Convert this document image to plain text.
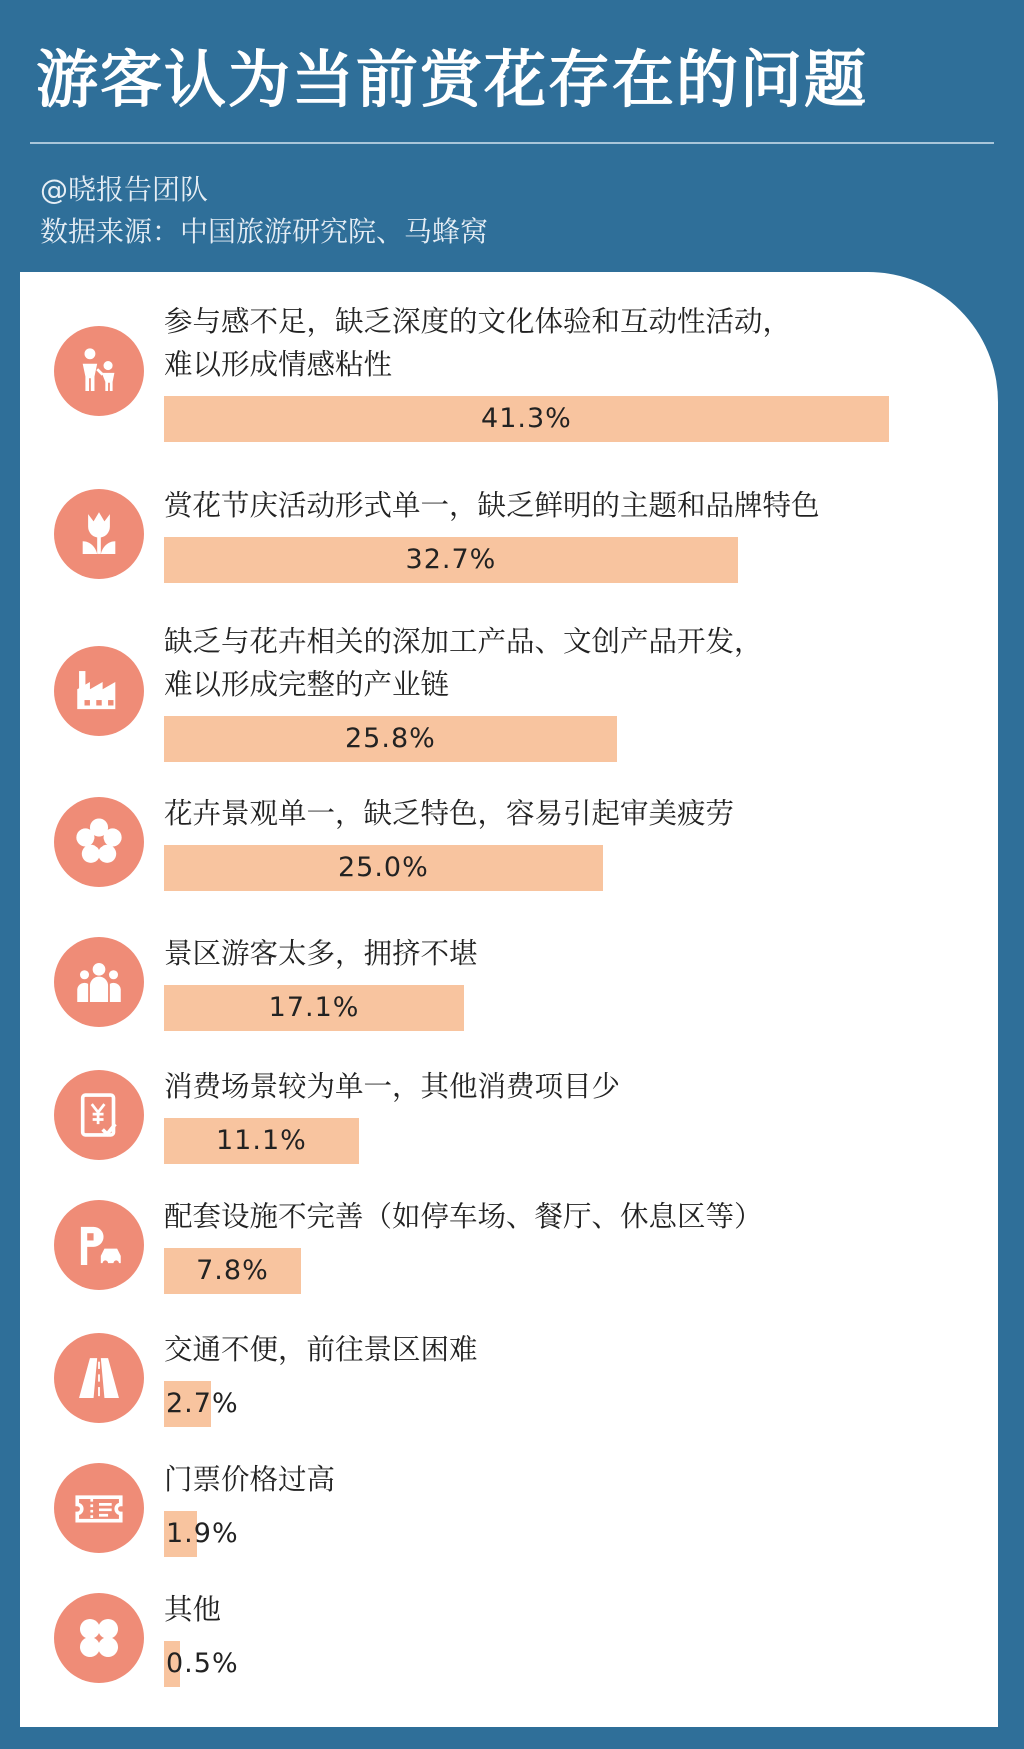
游客认为当前赏花存在的问题
@晓报告团队
数据来源：中国旅游研究院、马蜂窝
参与感不足，缺乏深度的文化体验和互动性活动，
难以形成情感粘性
41.3%
赏花节庆活动形式单一，缺乏鲜明的主题和品牌特色
32.7%
缺乏与花卉相关的深加工产品、文创产品开发，
难以形成完整的产业链
25.8%
花卉景观单一，缺乏特色，容易引起审美疲劳
25.0%
景区游客太多，拥挤不堪
17.1%
消费场景较为单一，其他消费项目少
11.1%
配套设施不完善（如停车场、餐厅、休息区等）
7.8%
交通不便，前往景区困难
2.7%
门票价格过高
1.9%
其他
0.5%
